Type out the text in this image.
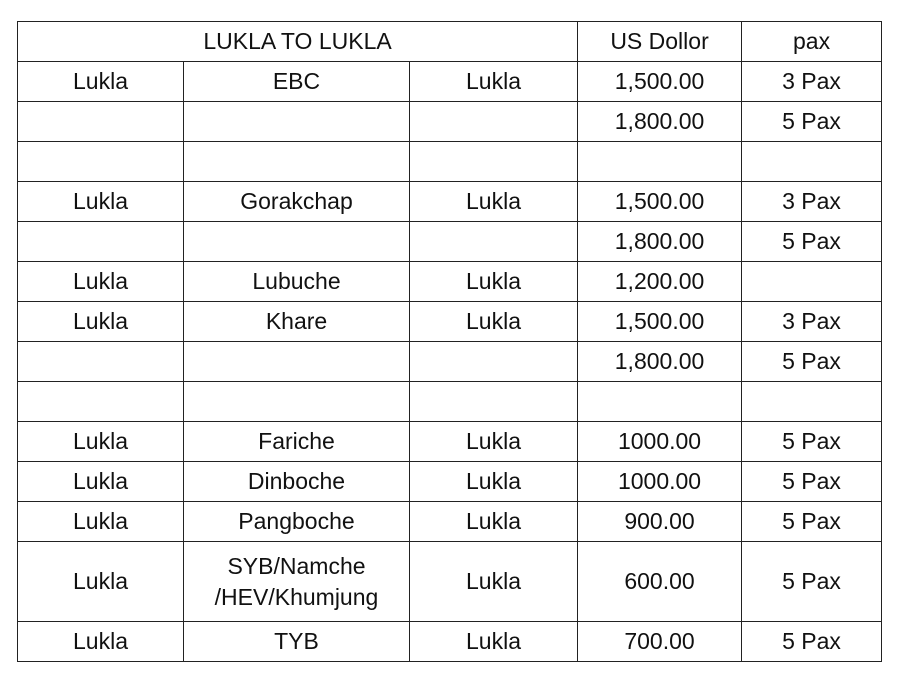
LUKLA TO LUKLA			US Dollor	pax
Lukla	EBC	Lukla	1,500.00	3 Pax
			1,800.00	5 Pax

Lukla	Gorakchap	Lukla	1,500.00	3 Pax
			1,800.00	5 Pax
Lukla	Lubuche	Lukla	1,200.00	
Lukla	Khare	Lukla	1,500.00	3 Pax
			1,800.00	5 Pax

Lukla	Fariche	Lukla	1000.00	5 Pax
Lukla	Dinboche	Lukla	1000.00	5 Pax
Lukla	Pangboche	Lukla	900.00	5 Pax
Lukla	SYB/Namche /HEV/Khumjung	Lukla	600.00	5 Pax
Lukla	TYB	Lukla	700.00	5 Pax
